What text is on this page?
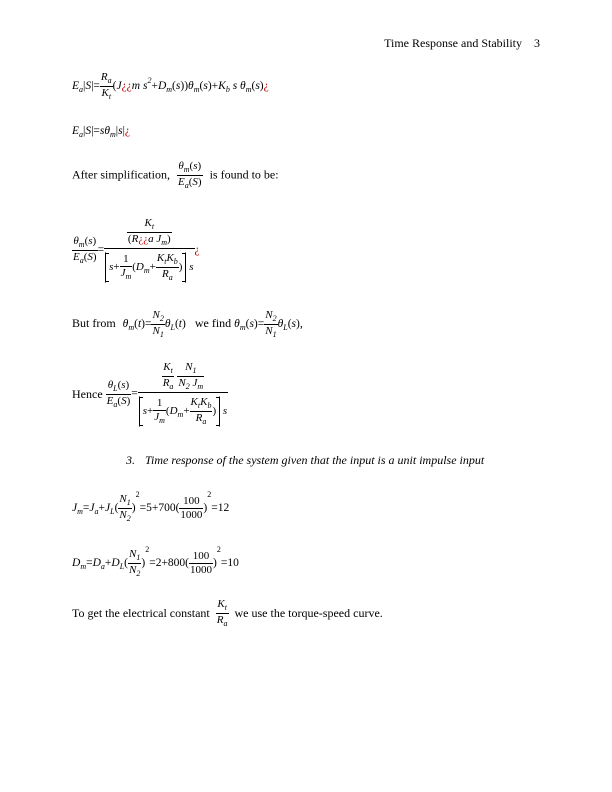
Time Response and Stability 3
$E_a|S|= \frac{R_a}{K_t}$ (J¿¿m $s^2+D_m(s))\theta_m(s)+K_b$ s $\theta_m(s)¿$
$E_a|S|=s\theta_m|s|¿$
After simplification, $\frac{\theta_m(s)}{E_a(S)}$ is found to be:
$\frac{\theta_m(s)}{E_a(S)} = \frac{\frac{K_t}{(R¿¿a J_m)}}{s+ \frac{1}{J_m} (D_m+ \frac{K_tK_b}{R_a} ) s}$ ¿
But from $\theta_m(t)= \frac{N_2}{N_1} \theta_L(t)$ we find $\theta_m(s)= \frac{N_2}{N_1} \theta_L(s)$,
Hence $\frac{\theta_L(s)}{E_a(S)} = \frac{\frac{K_t}{R_a} \frac{N_1}{N_2 J_m}}{s+ \frac{1}{J_m} (D_m+ \frac{K_tK_b}{R_a} ) s}$
3. Time response of the system given that the input is a unit impulse input
$J_m=J_a+J_L( \frac{N_1}{N_2} )^2=5+700( \frac{100}{1000} )^2=12$
$D_m=D_a+D_L( \frac{N_1}{N_2} )^2=2+800( \frac{100}{1000} )^2=10$
To get the electrical constant $\frac{K_t}{R_a}$ we use the torque-speed curve.
